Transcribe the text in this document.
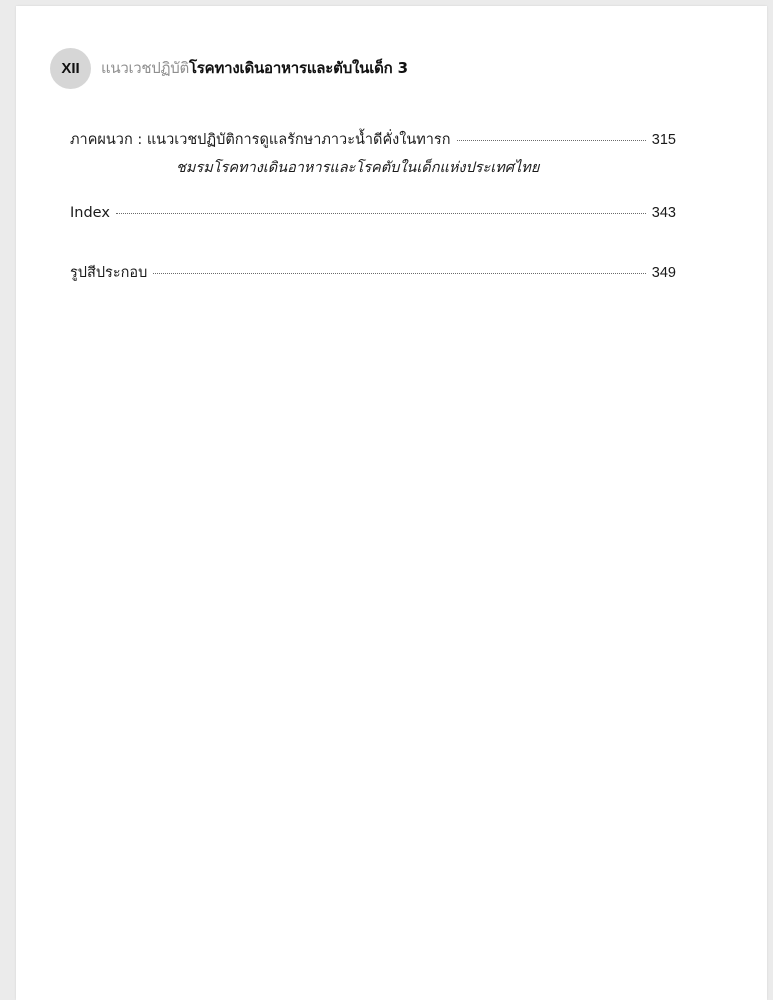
XII	แนวเวชปฏิบัติโรคทางเดินอาหารและตับในเด็ก 3
ภาคผนวก : แนวเวชปฏิบัติการดูแลรักษาภาวะน้ำดีคั่งในทารก	315
ชมรมโรคทางเดินอาหารและโรคตับในเด็กแห่งประเทศไทย
Index	343
รูปสีประกอบ	349
